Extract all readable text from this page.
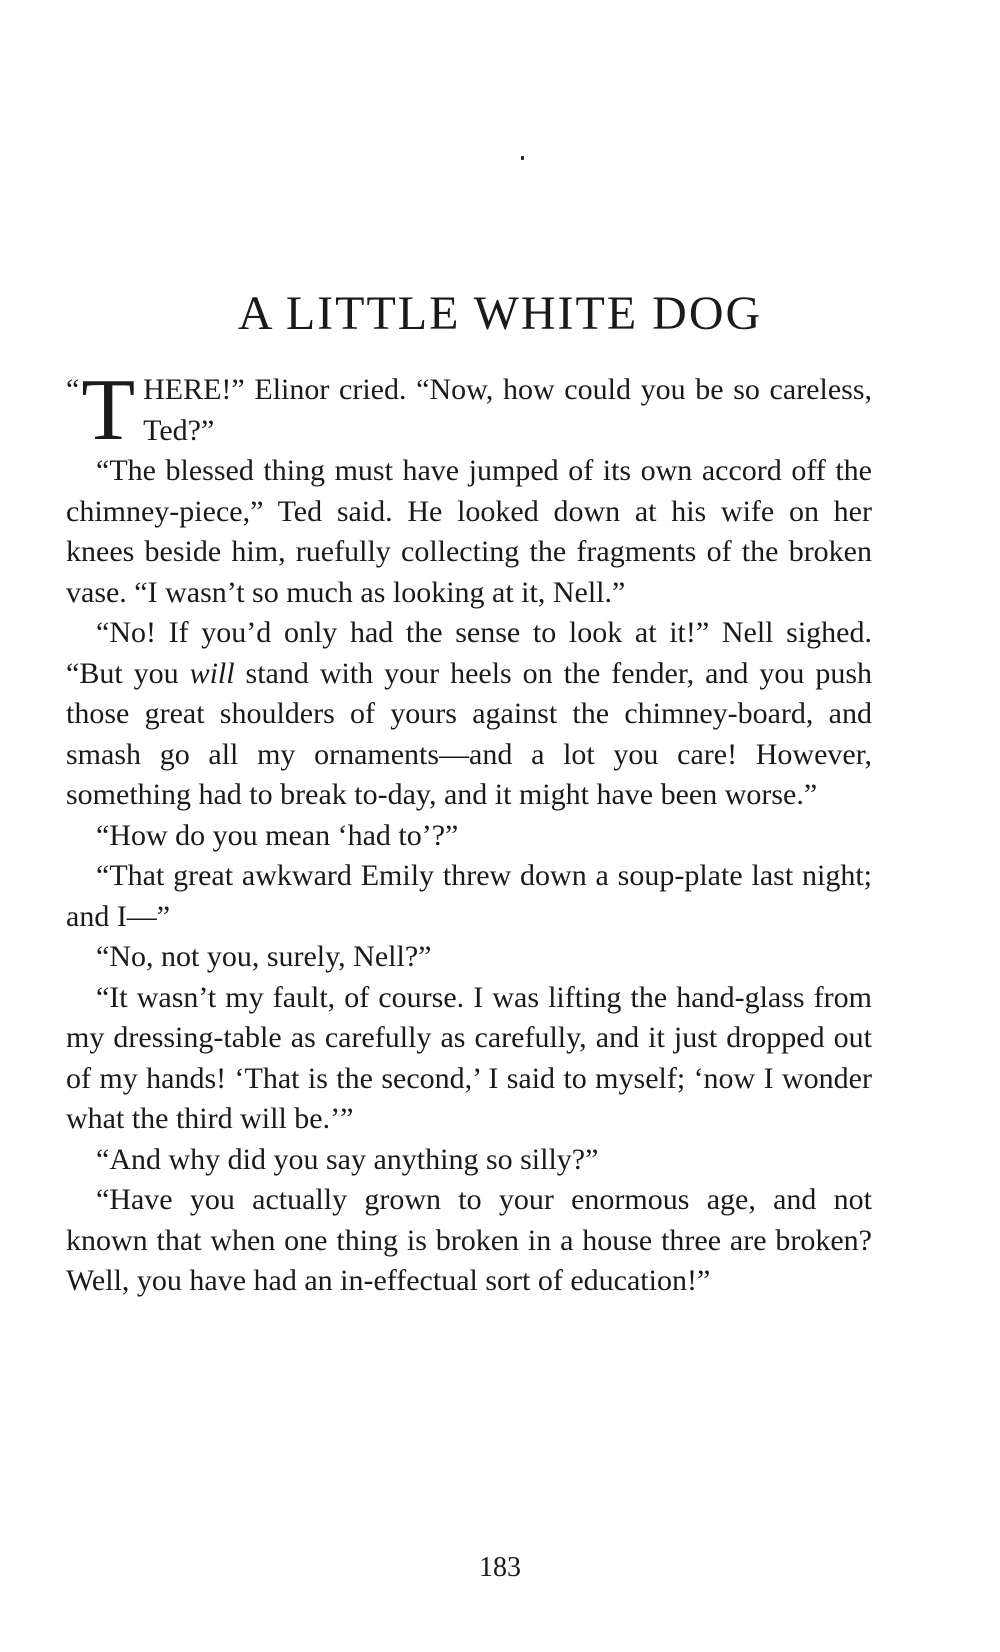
A LITTLE WHITE DOG

“ T HERE!” Elinor cried. “Now, how could you be so careless, Ted?”

“The blessed thing must have jumped of its own accord off the chimney-piece,” Ted said. He looked down at his wife on her knees beside him, ruefully collecting the fragments of the broken vase. “I wasn’t so much as looking at it, Nell.”

“No! If you’d only had the sense to look at it!” Nell sighed. “But you will stand with your heels on the fender, and you push those great shoulders of yours against the chimney-board, and smash go all my ornaments—and a lot you care! However, something had to break to-day, and it might have been worse.”

“How do you mean ‘had to’?”

“That great awkward Emily threw down a soup-plate last night; and I—”

“No, not you, surely, Nell?”

“It wasn’t my fault, of course. I was lifting the hand-glass from my dressing-table as carefully as carefully, and it just dropped out of my hands! ‘That is the second,’ I said to myself; ‘now I wonder what the third will be.’”

“And why did you say anything so silly?”

“Have you actually grown to your enormous age, and not known that when one thing is broken in a house three are broken? Well, you have had an in-effectual sort of education!”

183
